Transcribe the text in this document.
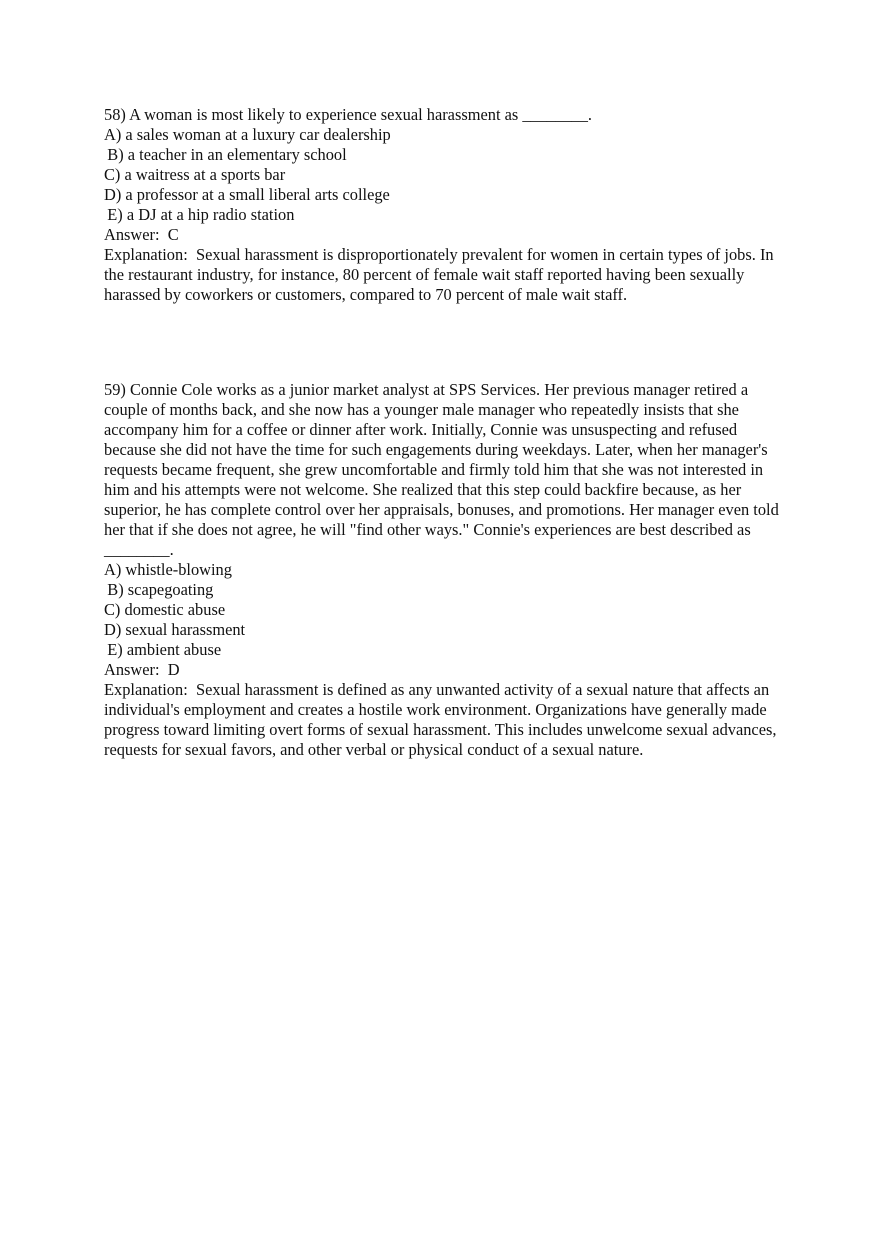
58) A woman is most likely to experience sexual harassment as ________.
A) a sales woman at a luxury car dealership
 B) a teacher in an elementary school
C) a waitress at a sports bar
D) a professor at a small liberal arts college
 E) a DJ at a hip radio station
Answer: C
Explanation: Sexual harassment is disproportionately prevalent for women in certain types of jobs. In the restaurant industry, for instance, 80 percent of female wait staff reported having been sexually harassed by coworkers or customers, compared to 70 percent of male wait staff.
59) Connie Cole works as a junior market analyst at SPS Services. Her previous manager retired a couple of months back, and she now has a younger male manager who repeatedly insists that she accompany him for a coffee or dinner after work. Initially, Connie was unsuspecting and refused because she did not have the time for such engagements during weekdays. Later, when her manager's requests became frequent, she grew uncomfortable and firmly told him that she was not interested in him and his attempts were not welcome. She realized that this step could backfire because, as her superior, he has complete control over her appraisals, bonuses, and promotions. Her manager even told her that if she does not agree, he will "find other ways." Connie's experiences are best described as ________.
A) whistle-blowing
 B) scapegoating
C) domestic abuse
D) sexual harassment
 E) ambient abuse
Answer: D
Explanation: Sexual harassment is defined as any unwanted activity of a sexual nature that affects an individual's employment and creates a hostile work environment. Organizations have generally made progress toward limiting overt forms of sexual harassment. This includes unwelcome sexual advances, requests for sexual favors, and other verbal or physical conduct of a sexual nature.
